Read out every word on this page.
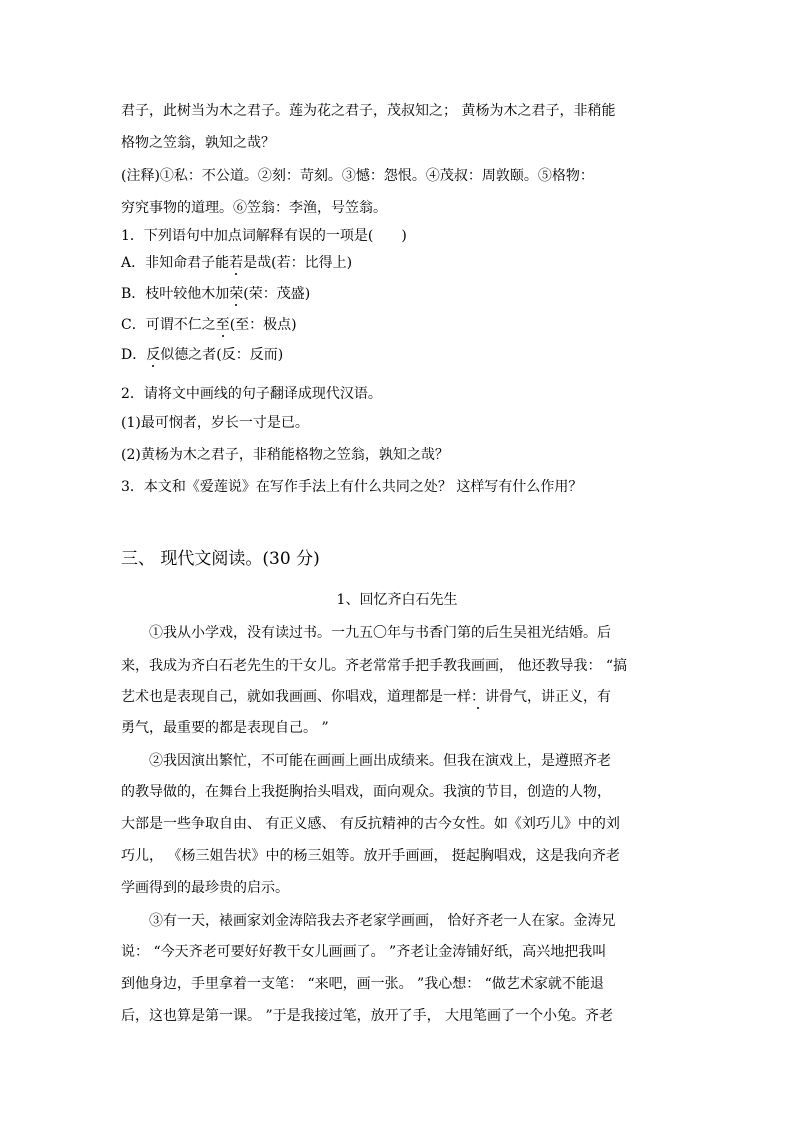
君子，此树当为木之君子。莲为花之君子，茂叔知之； 黄杨为木之君子，非稍能
格物之笠翁，孰知之哉？
(注释)①私：不公道。②刻：苛刻。③憾：怨恨。④茂叔：周敦颐。⑤格物：
穷究事物的道理。⑥笠翁：李渔，号笠翁。
1．下列语句中加点词解释有误的一项是(　　)
A．非知命君子能若是哉(若：比得上)
B．枝叶较他木加荣(荣：茂盛)
C．可谓不仁之至(至：极点)
D．反似德之者(反：反而)
2．请将文中画线的句子翻译成现代汉语。
(1)最可悯者，岁长一寸是已。
(2)黄杨为木之君子，非稍能格物之笠翁，孰知之哉？
3．本文和《爱莲说》在写作手法上有什么共同之处？ 这样写有什么作用？
三、 现代文阅读。(30 分)
1、回忆齐白石先生
①我从小学戏，没有读过书。一九五〇年与书香门第的后生吴祖光结婚。后
来，我成为齐白石老先生的干女儿。齐老常常手把手教我画画， 他还教导我： “搞
艺术也是表现自己，就如我画画、你唱戏，道理都是一样：讲骨气，讲正义，有
勇气，最重要的都是表现自己。 ”
②我因演出繁忙，不可能在画画上画出成绩来。但我在演戏上，是遵照齐老
的教导做的，在舞台上我挺胸抬头唱戏，面向观众。我演的节目，创造的人物，
大部是一些争取自由、 有正义感、 有反抗精神的古今女性。如《刘巧儿》中的刘
巧儿， 《杨三姐告状》中的杨三姐等。放开手画画， 挺起胸唱戏，这是我向齐老
学画得到的最珍贵的启示。
③有一天，裱画家刘金涛陪我去齐老家学画画， 恰好齐老一人在家。金涛兄
说： “今天齐老可要好好教干女儿画画了。 ”齐老让金涛铺好纸，高兴地把我叫
到他身边，手里拿着一支笔： “来吧，画一张。 ”我心想： “做艺术家就不能退
后，这也算是第一课。 ”于是我接过笔，放开了手， 大甩笔画了一个小兔。齐老
